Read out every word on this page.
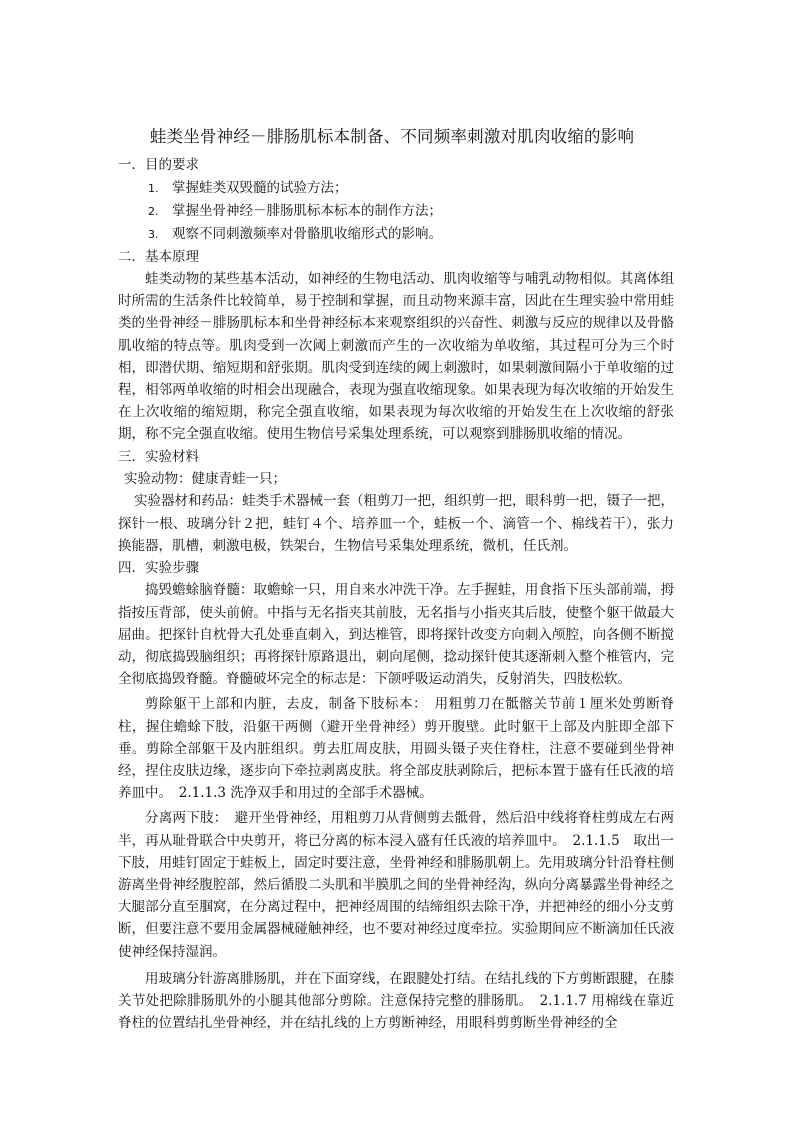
蛙类坐骨神经－腓肠肌标本制备、不同频率刺激对肌肉收缩的影响
一．目的要求
1. 掌握蛙类双毁髓的试验方法；
2. 掌握坐骨神经－腓肠肌标本标本的制作方法；
3. 观察不同刺激频率对骨骼肌收缩形式的影响。
二．基本原理

蛙类动物的某些基本活动，如神经的生物电活动、肌肉收缩等与哺乳动物相似。其离体组时所需的生活条件比较简单，易于控制和掌握，而且动物来源丰富，因此在生理实验中常用蛙类的坐骨神经－腓肠肌标本和坐骨神经标本来观察组织的兴奋性、刺激与反应的规律以及骨骼肌收缩的特点等。肌肉受到一次阈上刺激而产生的一次收缩为单收缩，其过程可分为三个时相，即潜伏期、缩短期和舒张期。肌肉受到连续的阈上刺激时，如果刺激间隔小于单收缩的过程，相邻两单收缩的时相会出现融合，表现为强直收缩现象。如果表现为每次收缩的开始发生在上次收缩的缩短期，称完全强直收缩，如果表现为每次收缩的开始发生在上次收缩的舒张期，称不完全强直收缩。使用生物信号采集处理系统，可以观察到腓肠肌收缩的情况。

三．实验材料

实验动物：健康青蛙一只；

实验器材和药品：蛙类手术器械一套（粗剪刀一把，组织剪一把，眼科剪一把，镊子一把，探针一根、玻璃分针２把，蛙钉４个、培养皿一个，蛙板一个、滴管一个、棉线若干），张力换能器，肌槽，刺激电极，铁架台，生物信号采集处理系统，微机，任氏剂。

四．实验步骤

捣毁蟾蜍脑脊髓：取蟾蜍一只，用自来水冲洗干净。左手握蛙，用食指下压头部前端，拇指按压背部，使头前俯。中指与无名指夹其前肢，无名指与小指夹其后肢，使整个躯干做最大屈曲。把探针自枕骨大孔处垂直刺入，到达椎管，即将探针改变方向刺入颅腔，向各侧不断搅动，彻底捣毁脑组织；再将探针原路退出，刺向尾侧，捻动探针使其逐渐刺入整个椎管内，完全彻底捣毁脊髓。脊髓破坏完全的标志是：下颌呼吸运动消失，反射消失，四肢松软。

剪除躯干上部和内脏，去皮，制备下肢标本：　用粗剪刀在骶髂关节前１厘米处剪断脊柱，握住蟾蜍下肢，沿躯干两侧（避开坐骨神经）剪开腹壁。此时躯干上部及内脏即全部下垂。剪除全部躯干及内脏组织。剪去肛周皮肤，用圆头镊子夹住脊柱，注意不要碰到坐骨神经，捏住皮肤边缘，逐步向下牵拉剥离皮肤。将全部皮肤剥除后，把标本置于盛有任氏液的培养皿中。　2.1.1.3 洗净双手和用过的全部手术器械。

分离两下肢：　避开坐骨神经，用粗剪刀从背侧剪去骶骨，然后沿中线将脊柱剪成左右两半，再从耻骨联合中央剪开，将已分离的标本浸入盛有任氏液的培养皿中。　2.1.1.5　取出一下肢，用蛙钉固定于蛙板上，固定时要注意，坐骨神经和腓肠肌朝上。先用玻璃分针沿脊柱侧游离坐骨神经腹腔部，然后循股二头肌和半膜肌之间的坐骨神经沟，纵向分离暴露坐骨神经之大腿部分直至腘窝，在分离过程中，把神经周围的结缔组织去除干净，并把神经的细小分支剪断，但要注意不要用金属器械碰触神经，也不要对神经过度牵拉。实验期间应不断滴加任氏液使神经保持湿润。

用玻璃分针游离腓肠肌，并在下面穿线，在跟腱处打结。在结扎线的下方剪断跟腱，在膝关节处把除腓肠肌外的小腿其他部分剪除。注意保持完整的腓肠肌。　2.1.1.7 用棉线在靠近脊柱的位置结扎坐骨神经，并在结扎线的上方剪断神经，用眼科剪剪断坐骨神经的全
